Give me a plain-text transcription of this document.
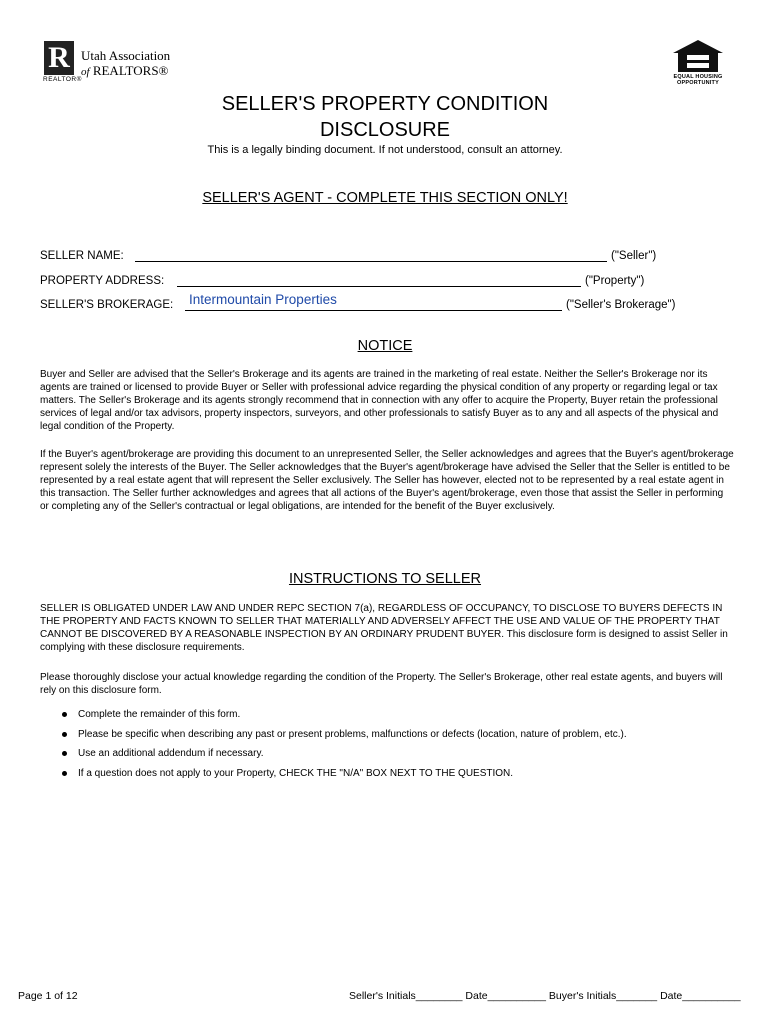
R
REALTOR®
Utah Association
of REALTORS®	EQUAL HOUSING
OPPORTUNITY
SELLER'S PROPERTY CONDITION
DISCLOSURE
This is a legally binding document. If not understood, consult an attorney.
SELLER'S AGENT - COMPLETE THIS SECTION ONLY!
SELLER NAME:	("Seller")
PROPERTY ADDRESS:	("Property")
SELLER'S BROKERAGE: Intermountain Properties	("Seller's Brokerage")
NOTICE
Buyer and Seller are advised that the Seller's Brokerage and its agents are trained in the marketing of real estate. Neither the Seller's Brokerage nor its agents are trained or licensed to provide Buyer or Seller with professional advice regarding the physical condition of any property or regarding legal or tax matters. The Seller's Brokerage and its agents strongly recommend that in connection with any offer to acquire the Property, Buyer retain the professional services of legal and/or tax advisors, property inspectors, surveyors, and other professionals to satisfy Buyer as to any and all aspects of the physical and legal condition of the Property.
If the Buyer's agent/brokerage are providing this document to an unrepresented Seller, the Seller acknowledges and agrees that the Buyer's agent/brokerage represent solely the interests of the Buyer. The Seller acknowledges that the Buyer's agent/brokerage have advised the Seller that the Seller is entitled to be represented by a real estate agent that will represent the Seller exclusively. The Seller has however, elected not to be represented by a real estate agent in this transaction. The Seller further acknowledges and agrees that all actions of the Buyer's agent/brokerage, even those that assist the Seller in performing or completing any of the Seller's contractual or legal obligations, are intended for the benefit of the Buyer exclusively.
INSTRUCTIONS TO SELLER
SELLER IS OBLIGATED UNDER LAW AND UNDER REPC SECTION 7(a), REGARDLESS OF OCCUPANCY, TO DISCLOSE TO BUYERS DEFECTS IN THE PROPERTY AND FACTS KNOWN TO SELLER THAT MATERIALLY AND ADVERSELY AFFECT THE USE AND VALUE OF THE PROPERTY THAT CANNOT BE DISCOVERED BY A REASONABLE INSPECTION BY AN ORDINARY PRUDENT BUYER. This disclosure form is designed to assist Seller in complying with these disclosure requirements.
Please thoroughly disclose your actual knowledge regarding the condition of the Property. The Seller's Brokerage, other real estate agents, and buyers will rely on this disclosure form.
Complete the remainder of this form.
Please be specific when describing any past or present problems, malfunctions or defects (location, nature of problem, etc.).
Use an additional addendum if necessary.
If a question does not apply to your Property, CHECK THE "N/A" BOX NEXT TO THE QUESTION.
Page 1 of 12	Seller's Initials________ Date__________ Buyer's Initials_______ Date__________
